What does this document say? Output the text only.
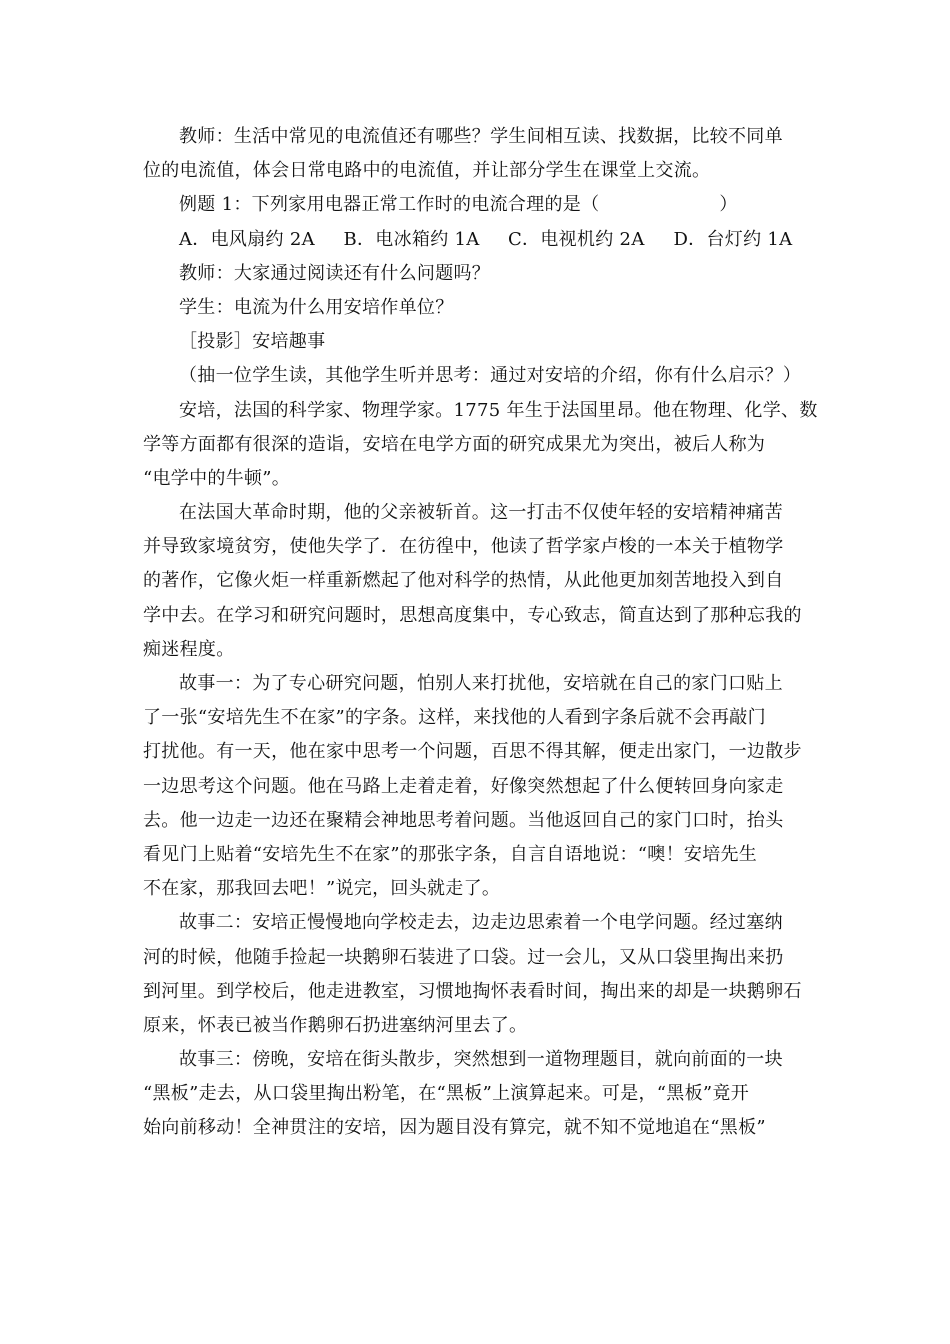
教师：生活中常见的电流值还有哪些？学生间相互读、找数据，比较不同单
位的电流值，体会日常电路中的电流值，并让部分学生在课堂上交流。
例题 1：下列家用电器正常工作时的电流合理的是（	）
A．电风扇约 2A	B．电冰箱约 1A	C．电视机约 2A	D．台灯约 1A
教师：大家通过阅读还有什么问题吗？
学生：电流为什么用安培作单位？
［投影］安培趣事
（抽一位学生读，其他学生听并思考：通过对安培的介绍，你有什么启示？）
安培，法国的科学家、物理学家。1775 年生于法国里昂。他在物理、化学、数
学等方面都有很深的造诣，安培在电学方面的研究成果尤为突出，被后人称为
“电学中的牛顿”。
在法国大革命时期，他的父亲被斩首。这一打击不仅使年轻的安培精神痛苦
并导致家境贫穷，使他失学了．在彷徨中，他读了哲学家卢梭的一本关于植物学
的著作，它像火炬一样重新燃起了他对科学的热情，从此他更加刻苦地投入到自
学中去。在学习和研究问题时，思想高度集中，专心致志，简直达到了那种忘我的
痴迷程度。
故事一：为了专心研究问题，怕别人来打扰他，安培就在自己的家门口贴上
了一张“安培先生不在家”的字条。这样，来找他的人看到字条后就不会再敲门
打扰他。有一天，他在家中思考一个问题，百思不得其解，便走出家门，一边散步
一边思考这个问题。他在马路上走着走着，好像突然想起了什么便转回身向家走
去。他一边走一边还在聚精会神地思考着问题。当他返回自己的家门口时，抬头
看见门上贴着“安培先生不在家”的那张字条，自言自语地说：“噢！安培先生
不在家，那我回去吧！”说完，回头就走了。
故事二：安培正慢慢地向学校走去，边走边思索着一个电学问题。经过塞纳
河的时候，他随手捡起一块鹅卵石装进了口袋。过一会儿，又从口袋里掏出来扔
到河里。到学校后，他走进教室，习惯地掏怀表看时间，掏出来的却是一块鹅卵石
原来，怀表已被当作鹅卵石扔进塞纳河里去了。
故事三：傍晚，安培在街头散步，突然想到一道物理题目，就向前面的一块
“黑板”走去，从口袋里掏出粉笔，在“黑板”上演算起来。可是，“黑板”竟开
始向前移动！全神贯注的安培，因为题目没有算完，就不知不觉地追在“黑板”
